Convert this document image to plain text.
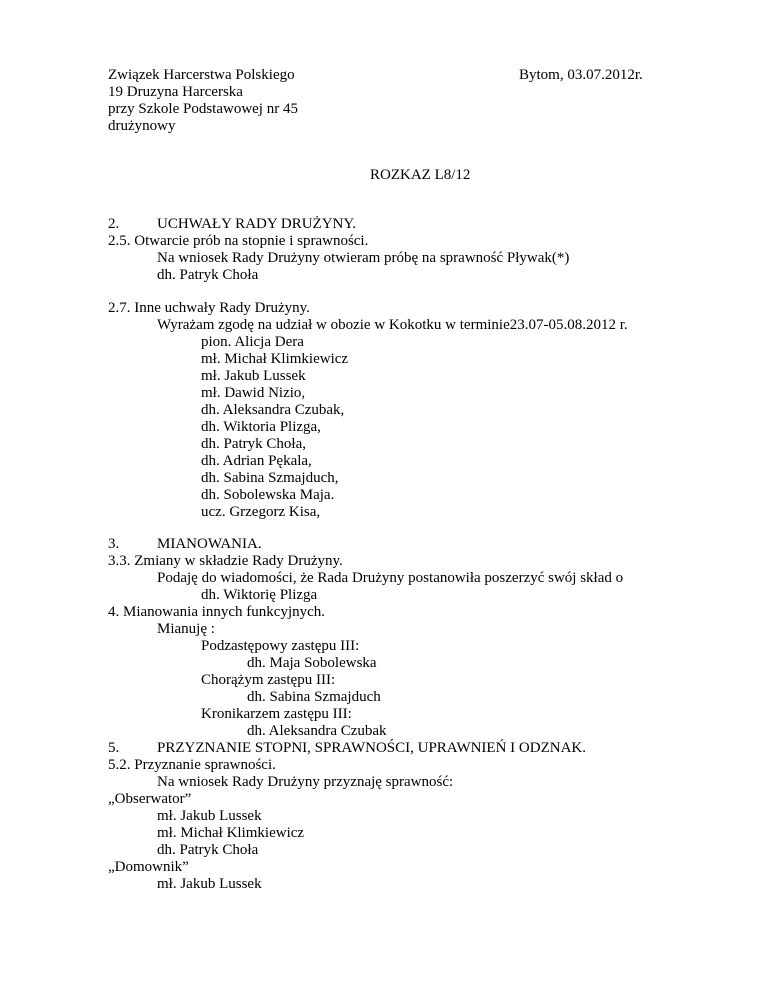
Związek Harcerstwa Polskiego
19 Druzyna Harcerska
przy Szkole Podstawowej nr 45
drużynowy
Bytom, 03.07.2012r.
ROZKAZ L8/12
2.	UCHWAŁY RADY DRUŻYNY.
2.5. Otwarcie prób na stopnie i sprawności.
Na wniosek Rady Drużyny otwieram próbę na sprawność Pływak(*)
dh. Patryk Choła
2.7. Inne uchwały Rady Drużyny.
Wyrażam zgodę na udział w obozie w Kokotku w terminie23.07-05.08.2012 r.
pion. Alicja Dera
mł. Michał Klimkiewicz
mł. Jakub Lussek
mł. Dawid Nizio,
dh. Aleksandra Czubak,
dh. Wiktoria Plizga,
dh. Patryk Choła,
dh. Adrian Pękala,
dh. Sabina Szmajduch,
dh. Sobolewska Maja.
ucz. Grzegorz Kisa,
3.	MIANOWANIA.
3.3. Zmiany w składzie Rady Drużyny.
Podaję do wiadomości, że Rada Drużyny postanowiła poszerzyć swój skład o
dh. Wiktorię Plizga
4. Mianowania innych funkcyjnych.
Mianuję :
Podzastępowy zastępu III:
dh. Maja Sobolewska
Chorążym zastępu III:
dh. Sabina Szmajduch
Kronikarzem zastępu III:
dh. Aleksandra Czubak
5.	PRZYZNANIE STOPNI, SPRAWNOŚCI, UPRAWNIEŃ I ODZNAK.
5.2. Przyznanie sprawności.
Na wniosek Rady Drużyny przyznaję sprawność:
„Obserwator”
mł. Jakub Lussek
mł. Michał Klimkiewicz
dh. Patryk Choła
„Domownik”
mł. Jakub Lussek
